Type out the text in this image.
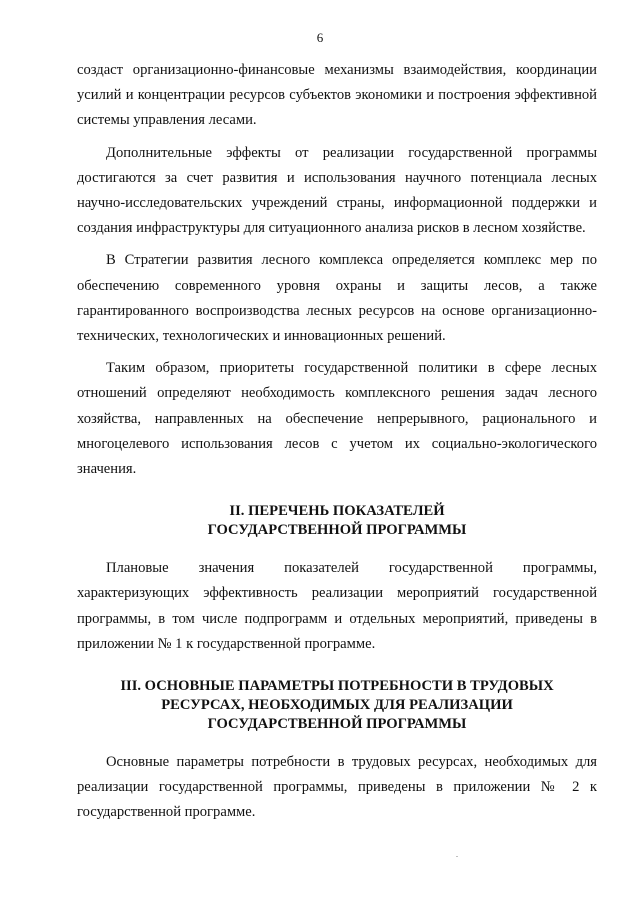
6

создаст организационно-финансовые механизмы взаимодействия, координации усилий и концентрации ресурсов субъектов экономики и построения эффективной системы управления лесами.

Дополнительные эффекты от реализации государственной программы достигаются за счет развития и использования научного потенциала лесных научно-исследовательских учреждений страны, информационной поддержки и создания инфраструктуры для ситуационного анализа рисков в лесном хозяйстве.

В Стратегии развития лесного комплекса определяется комплекс мер по обеспечению современного уровня охраны и защиты лесов, а также гарантированного воспроизводства лесных ресурсов на основе организационно-технических, технологических и инновационных решений.

Таким образом, приоритеты государственной политики в сфере лесных отношений определяют необходимость комплексного решения задач лесного хозяйства, направленных на обеспечение непрерывного, рационального и многоцелевого использования лесов с учетом их социально-экологического значения.

II. ПЕРЕЧЕНЬ ПОКАЗАТЕЛЕЙ

ГОСУДАРСТВЕННОЙ ПРОГРАММЫ

Плановые значения показателей государственной программы, характеризующих эффективность реализации мероприятий государственной программы, в том числе подпрограмм и отдельных мероприятий, приведены в приложении № 1 к государственной программе.

III. ОСНОВНЫЕ ПАРАМЕТРЫ ПОТРЕБНОСТИ В ТРУДОВЫХ

РЕСУРСАХ, НЕОБХОДИМЫХ ДЛЯ РЕАЛИЗАЦИИ

ГОСУДАРСТВЕННОЙ ПРОГРАММЫ

Основные параметры потребности в трудовых ресурсах, необходимых для реализации государственной программы, приведены в приложении № 2 к государственной программе.
